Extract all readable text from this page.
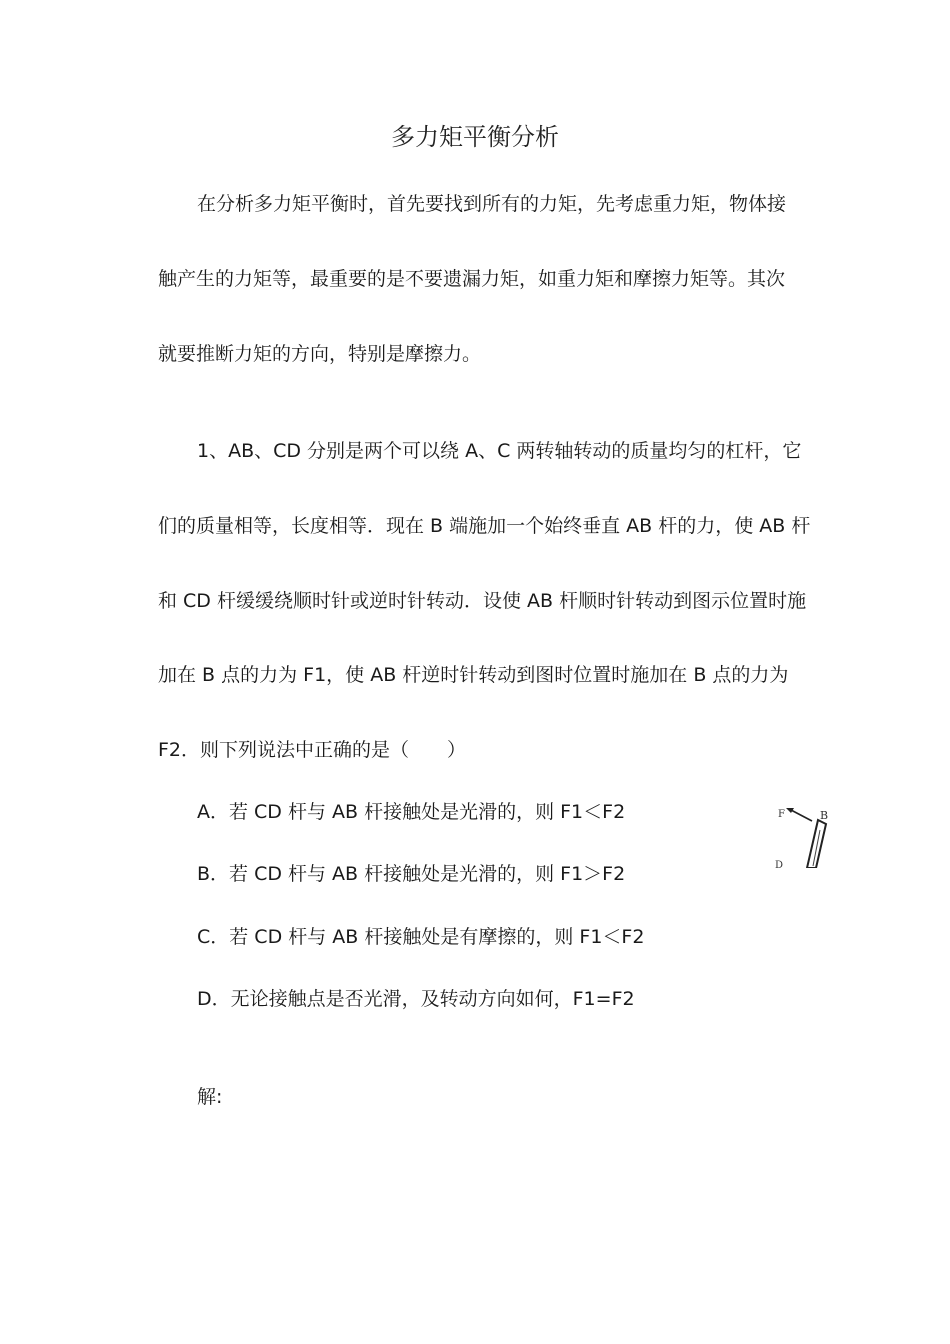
多力矩平衡分析
在分析多力矩平衡时，首先要找到所有的力矩，先考虑重力矩，物体接
触产生的力矩等，最重要的是不要遗漏力矩，如重力矩和摩擦力矩等。其次
就要推断力矩的方向，特别是摩擦力。
1、AB、CD 分别是两个可以绕 A、C 两转轴转动的质量均匀的杠杆，它
们的质量相等，长度相等．现在 B 端施加一个始终垂直 AB 杆的力，使 AB 杆
和 CD 杆缓缓绕顺时针或逆时针转动．设使 AB 杆顺时针转动到图示位置时施
加在 B 点的力为 F1，使 AB 杆逆时针转动到图时位置时施加在 B 点的力为
F2．则下列说法中正确的是（　　）
A．若 CD 杆与 AB 杆接触处是光滑的，则 F1＜F2
B．若 CD 杆与 AB 杆接触处是光滑的，则 F1＞F2
C．若 CD 杆与 AB 杆接触处是有摩擦的，则 F1＜F2
D．无论接触点是否光滑，及转动方向如何，F1=F2
解:
F	B
D
